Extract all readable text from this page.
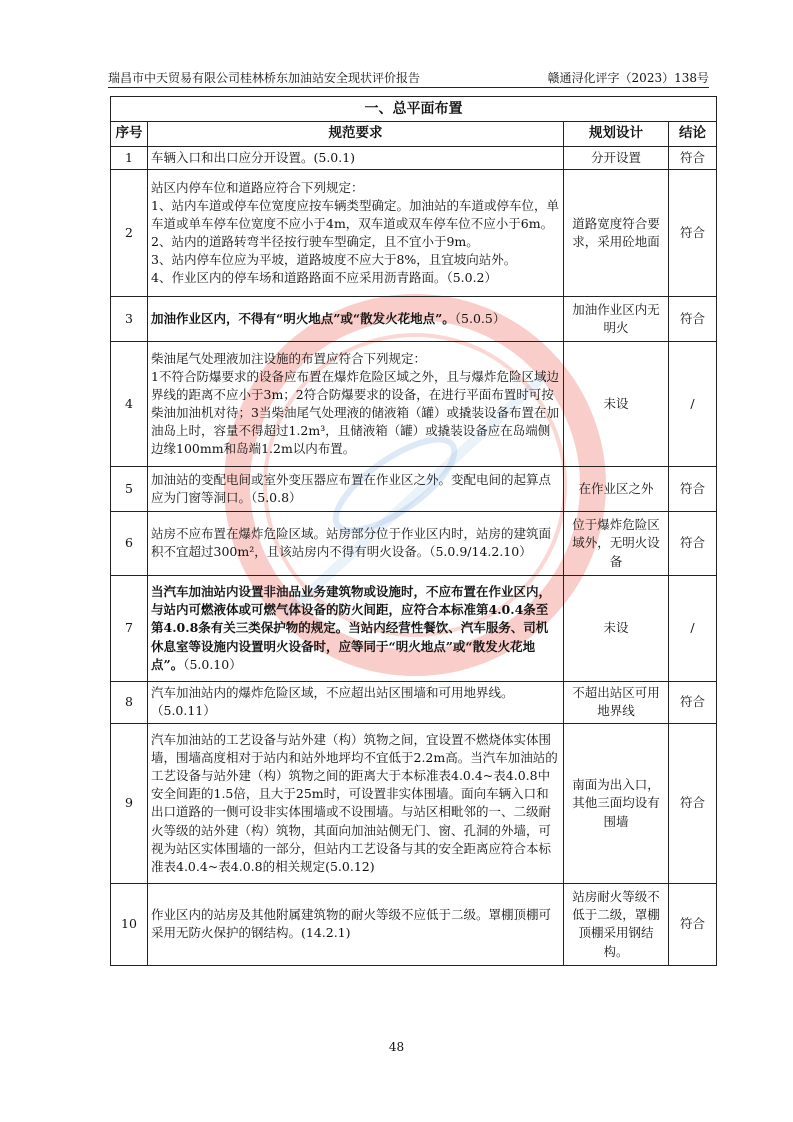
瑞昌市中天贸易有限公司桂林桥东加油站安全现状评价报告	赣通浔化评字（2023）138号
一、总平面布置			
序号	规范要求	规划设计	结论
1	车辆入口和出口应分开设置。(5.0.1)	分开设置	符合
2	站区内停车位和道路应符合下列规定：
1、站内车道或停车位宽度应按车辆类型确定。加油站的车道或停车位，单车道或单车停车位宽度不应小于4m，双车道或双车停车位不应小于6m。
2、站内的道路转弯半径按行驶车型确定，且不宜小于9m。
3、站内停车位应为平坡，道路坡度不应大于8%，且宜坡向站外。
4、作业区内的停车场和道路路面不应采用沥青路面。（5.0.2）	道路宽度符合要求，采用砼地面	符合
3	加油作业区内，不得有“明火地点”或“散发火花地点”。（5.0.5）	加油作业区内无明火	符合
4	柴油尾气处理液加注设施的布置应符合下列规定：
1不符合防爆要求的设备应布置在爆炸危险区域之外，且与爆炸危险区域边界线的距离不应小于3m；2符合防爆要求的设备，在进行平面布置时可按柴油加油机对待；3当柴油尾气处理液的储液箱（罐）或撬装设备布置在加油岛上时，容量不得超过1.2m³，且储液箱（罐）或撬装设备应在岛端侧边缘100mm和岛端1.2m以内布置。	未设	/
5	加油站的变配电间或室外变压器应布置在作业区之外。变配电间的起算点应为门窗等洞口。（5.0.8）	在作业区之外	符合
6	站房不应布置在爆炸危险区域。站房部分位于作业区内时，站房的建筑面积不宜超过300m²，且该站房内不得有明火设备。（5.0.9/14.2.10）	位于爆炸危险区域外，无明火设备	符合
7	当汽车加油站内设置非油品业务建筑物或设施时，不应布置在作业区内，与站内可燃液体或可燃气体设备的防火间距，应符合本标准第4.0.4条至第4.0.8条有关三类保护物的规定。当站内经营性餐饮、汽车服务、司机休息室等设施内设置明火设备时，应等同于“明火地点”或“散发火花地点”。（5.0.10）	未设	/
8	汽车加油站内的爆炸危险区域，不应超出站区围墙和可用地界线。（5.0.11）	不超出站区可用地界线	符合
9	汽车加油站的工艺设备与站外建（构）筑物之间，宜设置不燃烧体实体围墙，围墙高度相对于站内和站外地坪均不宜低于2.2m高。当汽车加油站的工艺设备与站外建（构）筑物之间的距离大于本标准表4.0.4~表4.0.8中安全间距的1.5倍，且大于25m时，可设置非实体围墙。面向车辆入口和出口道路的一侧可设非实体围墙或不设围墙。与站区相毗邻的一、二级耐火等级的站外建（构）筑物，其面向加油站侧无门、窗、孔洞的外墙，可视为站区实体围墙的一部分，但站内工艺设备与其的安全距离应符合本标准表4.0.4~表4.0.8的相关规定(5.0.12)	南面为出入口，其他三面均设有围墙	符合
10	作业区内的站房及其他附属建筑物的耐火等级不应低于二级。罩棚顶棚可采用无防火保护的钢结构。(14.2.1)	站房耐火等级不低于二级，罩棚顶棚采用钢结构。	符合
48
